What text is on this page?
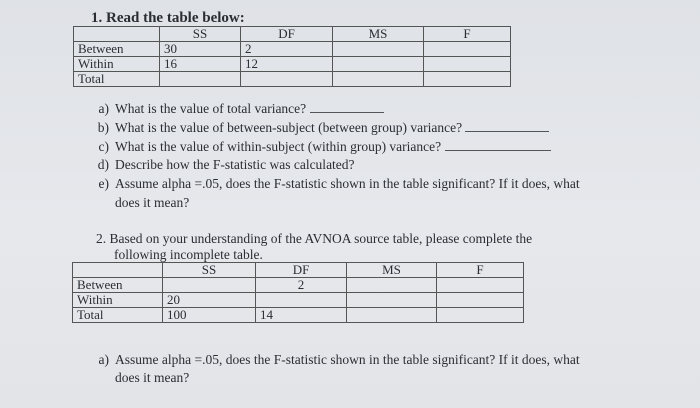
1. Read the table below:
	SS	DF	MS	F
Between	30	2		
Within	16	12		
Total				
a) What is the value of total variance?
b) What is the value of between-subject (between group) variance?
c) What is the value of within-subject (within group) variance?
d) Describe how the F-statistic was calculated?
e) Assume alpha =.05, does the F-statistic shown in the table significant? If it does, what
does it mean?
2. Based on your understanding of the AVNOA source table, please complete the
following incomplete table.
	SS	DF	MS	F
Between		2		
Within	20			
Total	100	14		
a) Assume alpha =.05, does the F-statistic shown in the table significant? If it does, what
does it mean?
